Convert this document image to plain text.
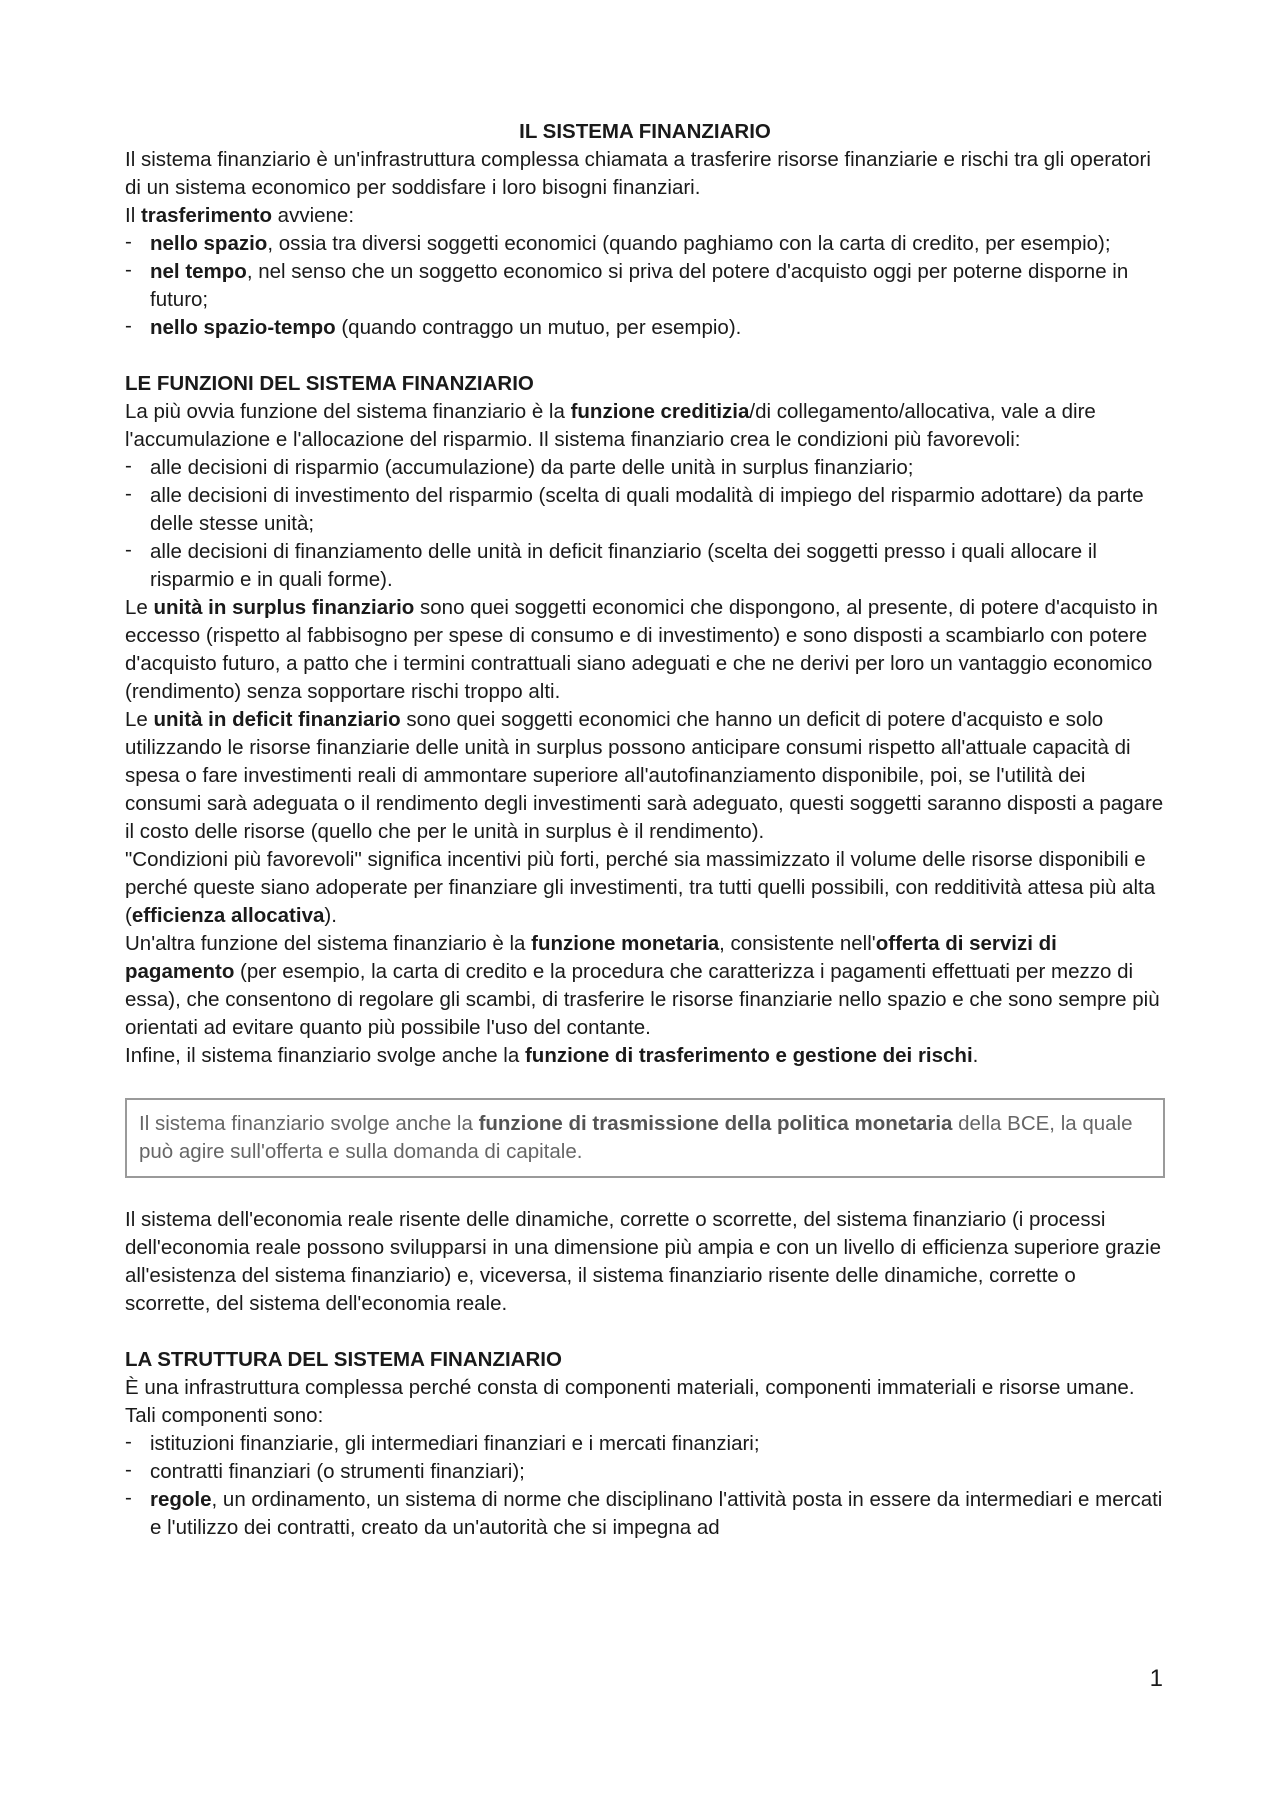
IL SISTEMA FINANZIARIO

Il sistema finanziario è un'infrastruttura complessa chiamata a trasferire risorse finanziarie e rischi tra gli operatori di un sistema economico per soddisfare i loro bisogni finanziari.

Il trasferimento avviene:

- nello spazio, ossia tra diversi soggetti economici (quando paghiamo con la carta di credito, per esempio);
- nel tempo, nel senso che un soggetto economico si priva del potere d'acquisto oggi per poterne disporne in futuro;
- nello spazio-tempo (quando contraggo un mutuo, per esempio).

LE FUNZIONI DEL SISTEMA FINANZIARIO

La più ovvia funzione del sistema finanziario è la funzione creditizia/di collegamento/allocativa, vale a dire l'accumulazione e l'allocazione del risparmio. Il sistema finanziario crea le condizioni più favorevoli:

- alle decisioni di risparmio (accumulazione) da parte delle unità in surplus finanziario;
- alle decisioni di investimento del risparmio (scelta di quali modalità di impiego del risparmio adottare) da parte delle stesse unità;
- alle decisioni di finanziamento delle unità in deficit finanziario (scelta dei soggetti presso i quali allocare il risparmio e in quali forme).

Le unità in surplus finanziario sono quei soggetti economici che dispongono, al presente, di potere d'acquisto in eccesso (rispetto al fabbisogno per spese di consumo e di investimento) e sono disposti a scambiarlo con potere d'acquisto futuro, a patto che i termini contrattuali siano adeguati e che ne derivi per loro un vantaggio economico (rendimento) senza sopportare rischi troppo alti.

Le unità in deficit finanziario sono quei soggetti economici che hanno un deficit di potere d'acquisto e solo utilizzando le risorse finanziarie delle unità in surplus possono anticipare consumi rispetto all'attuale capacità di spesa o fare investimenti reali di ammontare superiore all'autofinanziamento disponibile, poi, se l'utilità dei consumi sarà adeguata o il rendimento degli investimenti sarà adeguato, questi soggetti saranno disposti a pagare il costo delle risorse (quello che per le unità in surplus è il rendimento).

"Condizioni più favorevoli" significa incentivi più forti, perché sia massimizzato il volume delle risorse disponibili e perché queste siano adoperate per finanziare gli investimenti, tra tutti quelli possibili, con redditività attesa più alta (efficienza allocativa).

Un'altra funzione del sistema finanziario è la funzione monetaria, consistente nell'offerta di servizi di pagamento (per esempio, la carta di credito e la procedura che caratterizza i pagamenti effettuati per mezzo di essa), che consentono di regolare gli scambi, di trasferire le risorse finanziarie nello spazio e che sono sempre più orientati ad evitare quanto più possibile l'uso del contante.

Infine, il sistema finanziario svolge anche la funzione di trasferimento e gestione dei rischi.

Il sistema finanziario svolge anche la funzione di trasmissione della politica monetaria della BCE, la quale può agire sull'offerta e sulla domanda di capitale.

Il sistema dell'economia reale risente delle dinamiche, corrette o scorrette, del sistema finanziario (i processi dell'economia reale possono svilupparsi in una dimensione più ampia e con un livello di efficienza superiore grazie all'esistenza del sistema finanziario) e, viceversa, il sistema finanziario risente delle dinamiche, corrette o scorrette, del sistema dell'economia reale.

LA STRUTTURA DEL SISTEMA FINANZIARIO

È una infrastruttura complessa perché consta di componenti materiali, componenti immateriali e risorse umane. Tali componenti sono:

- istituzioni finanziarie, gli intermediari finanziari e i mercati finanziari;
- contratti finanziari (o strumenti finanziari);
- regole, un ordinamento, un sistema di norme che disciplinano l'attività posta in essere da intermediari e mercati e l'utilizzo dei contratti, creato da un'autorità che si impegna ad
1
